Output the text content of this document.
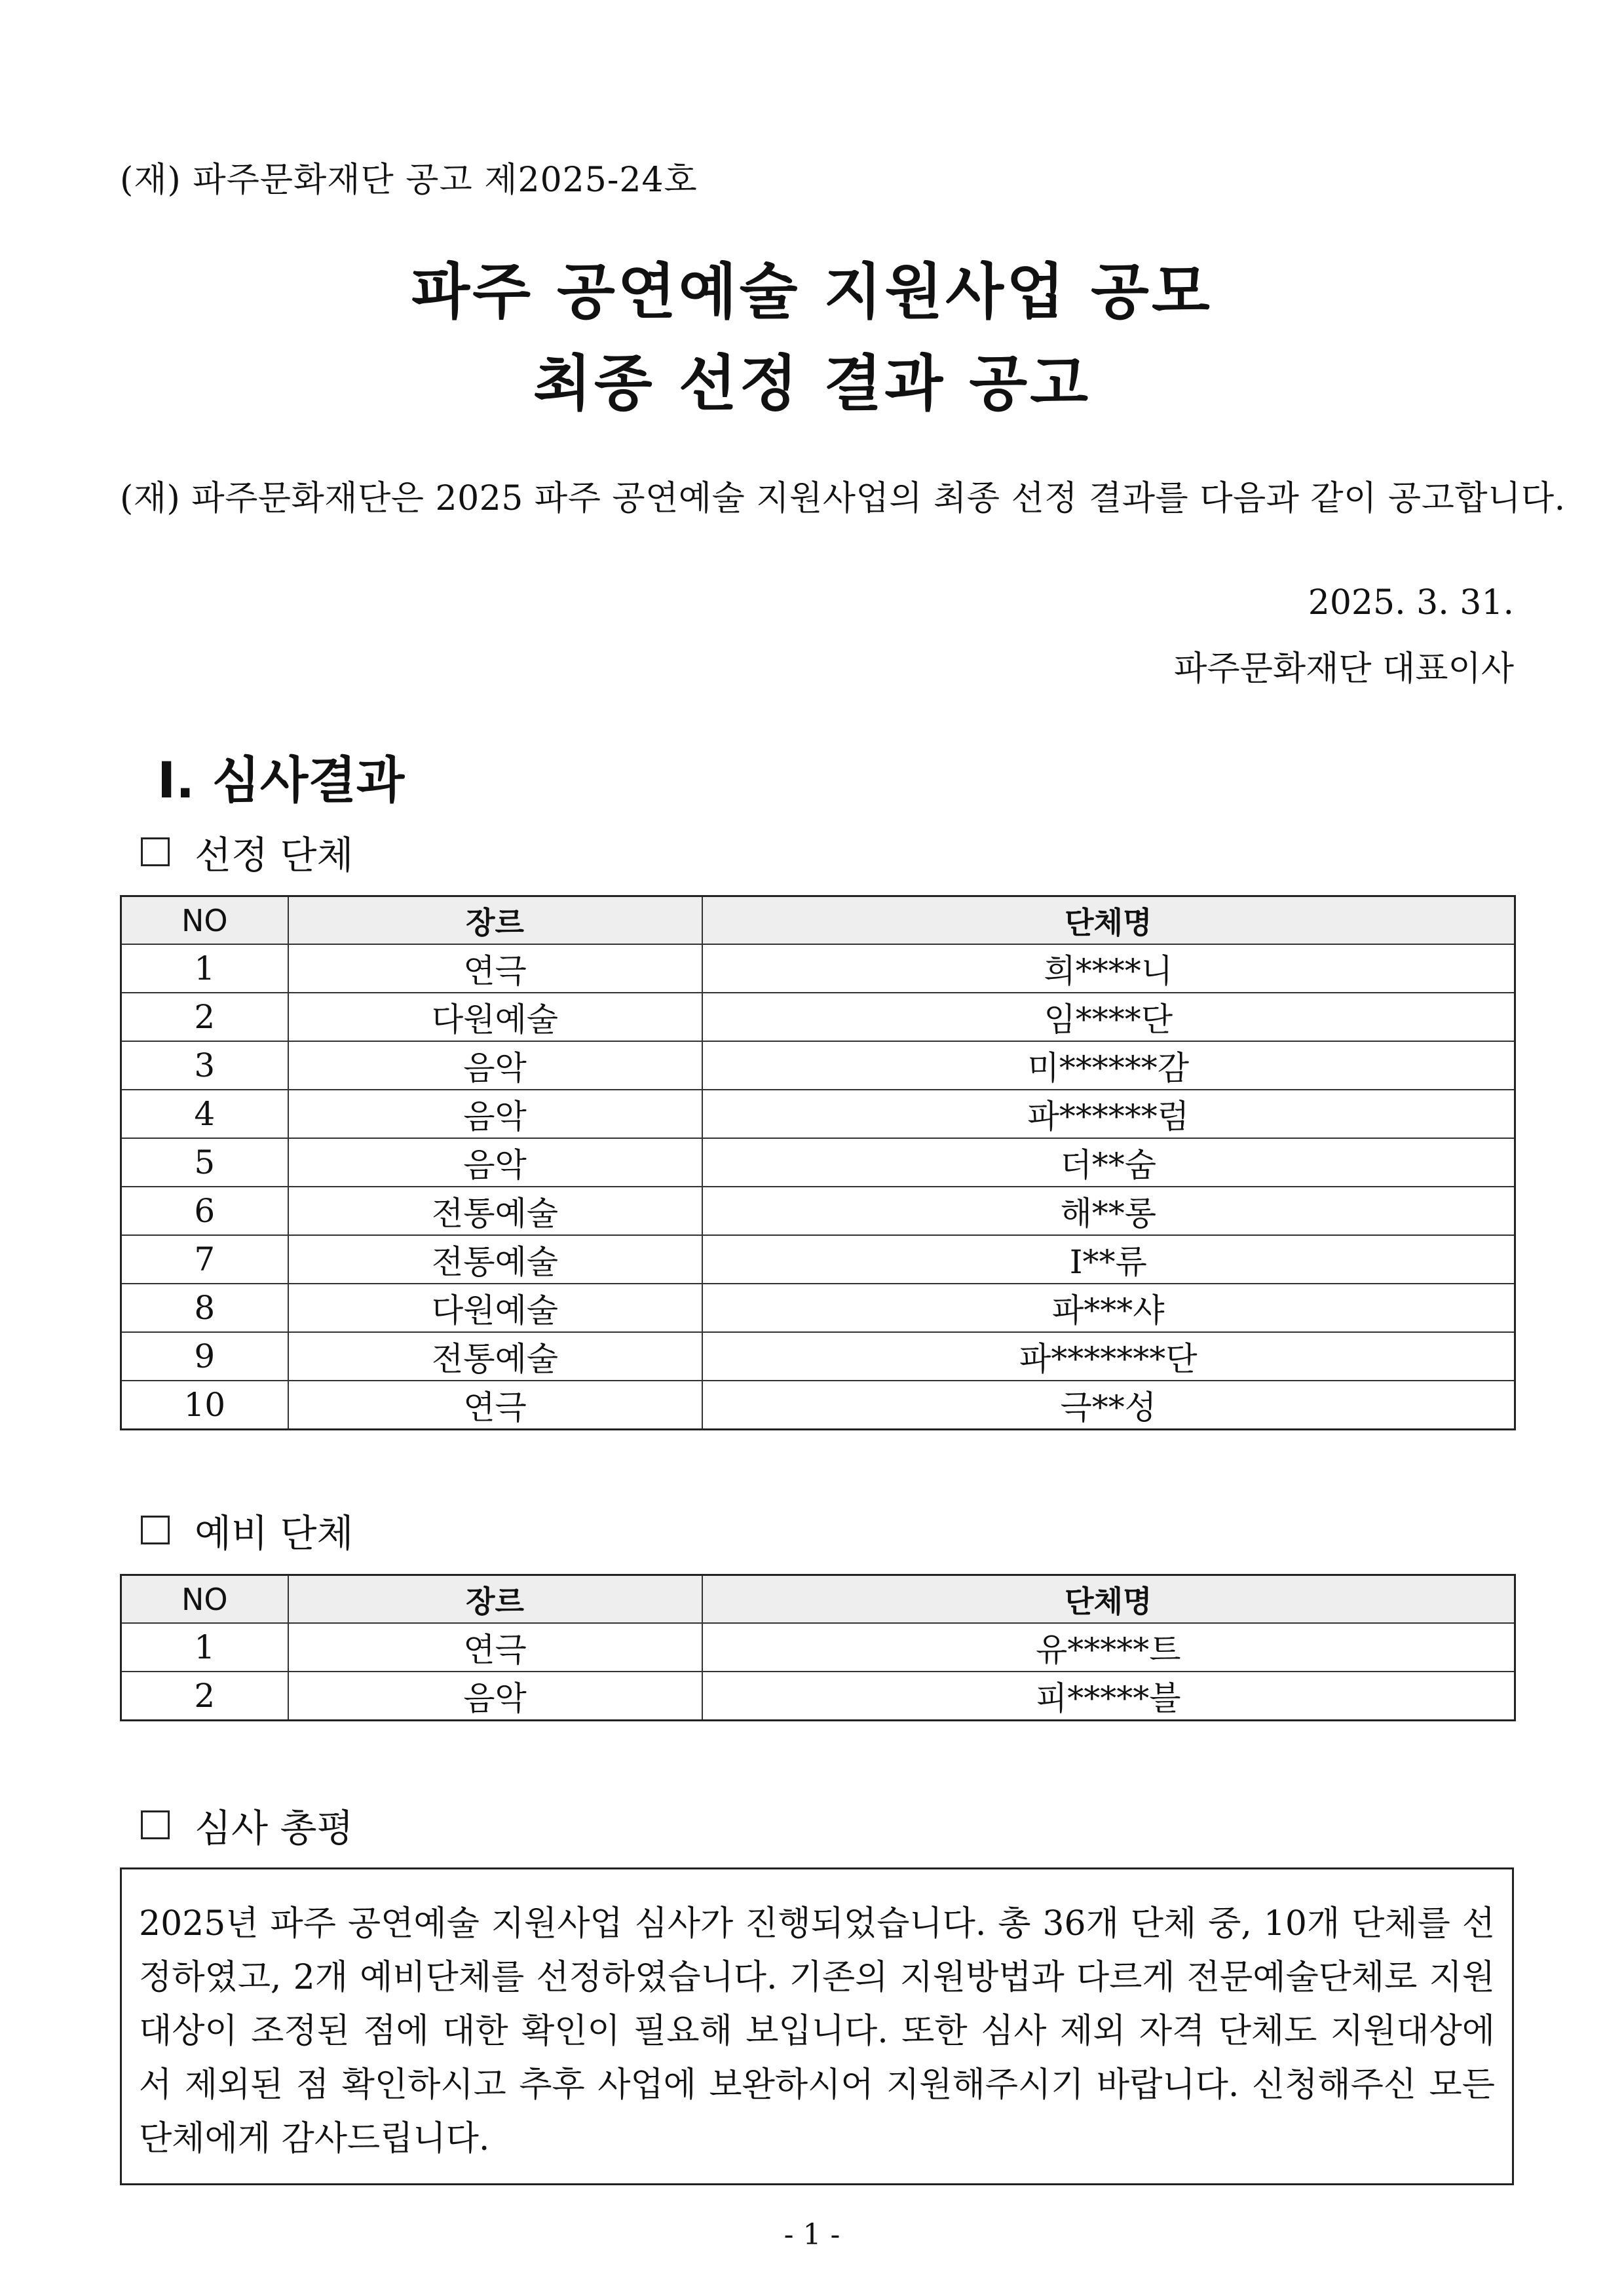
(재) 파주문화재단 공고 제2025-24호
파주 공연예술 지원사업 공모
최종 선정 결과 공고
(재) 파주문화재단은 2025 파주 공연예술 지원사업의 최종 선정 결과를 다음과 같이 공고합니다.
2025. 3. 31.
파주문화재단 대표이사
Ⅰ. 심사결과
선정 단체
NO	장르	단체명
1	연극	희****니
2	다원예술	임****단
3	음악	미******감
4	음악	파******럼
5	음악	더**숨
6	전통예술	해**롱
7	전통예술	I**류
8	다원예술	파***샤
9	전통예술	파*******단
10	연극	극**성
예비 단체
NO	장르	단체명
1	연극	유*****트
2	음악	피*****블
심사 총평
2025년 파주 공연예술 지원사업 심사가 진행되었습니다. 총 36개 단체 중, 10개 단체를 선정하였고, 2개 예비단체를 선정하였습니다. 기존의 지원방법과 다르게 전문예술단체로 지원대상이 조정된 점에 대한 확인이 필요해 보입니다. 또한 심사 제외 자격 단체도 지원대상에서 제외된 점 확인하시고 추후 사업에 보완하시어 지원해주시기 바랍니다. 신청해주신 모든 단체에게 감사드립니다.
- 1 -
